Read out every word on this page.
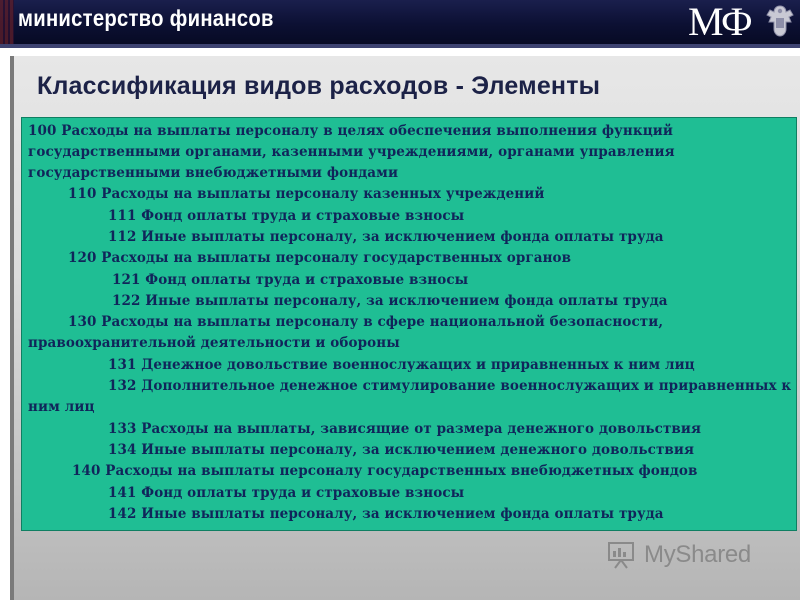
министерство финансов	МФ
Классификация видов расходов - Элементы
100 Расходы на выплаты персоналу в целях обеспечения выполнения функций
государственными органами, казенными учреждениями, органами управления
государственными внебюджетными фондами
110 Расходы на выплаты персоналу казенных учреждений
111 Фонд оплаты труда и страховые взносы
112 Иные выплаты персоналу, за исключением фонда оплаты труда
120 Расходы на выплаты персоналу государственных органов
121 Фонд оплаты труда и страховые взносы
122 Иные выплаты персоналу, за исключением фонда оплаты труда
130 Расходы на выплаты персоналу в сфере национальной безопасности,
правоохранительной деятельности и обороны
131 Денежное довольствие военнослужащих и приравненных к ним лиц
132 Дополнительное денежное стимулирование военнослужащих и приравненных к
ним лиц
133 Расходы на выплаты, зависящие от размера денежного довольствия
134 Иные выплаты персоналу, за исключением денежного довольствия
140 Расходы на выплаты персоналу государственных внебюджетных фондов
141 Фонд оплаты труда и страховые взносы
142 Иные выплаты персоналу, за исключением фонда оплаты труда
MyShared
